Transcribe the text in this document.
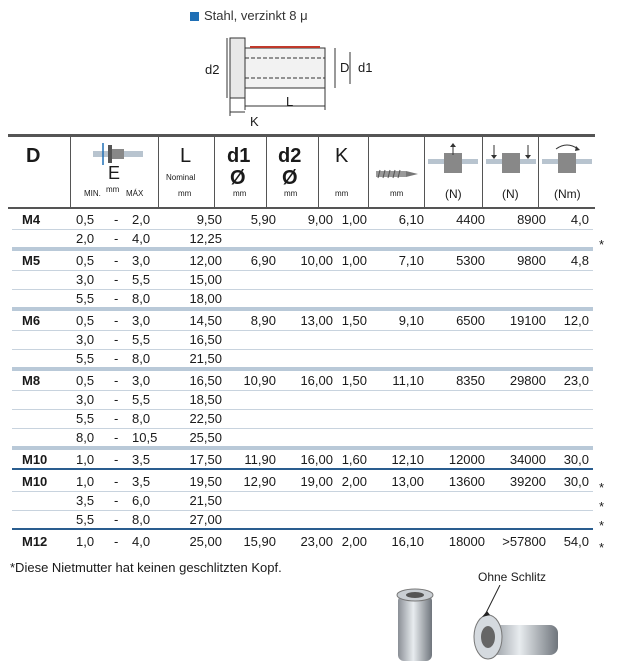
Stahl, verzinkt 8 μ
d2	D d1
L
K
D
E
MIN. mm MÁX
L
Nominal
mm
d1
Ø
mm
d2
Ø
mm
K
mm	mm	(N)	(N)	(Nm)
M4	0,5 - 2,0	9,50 5,90 9,00 1,00 6,10 4400 8900 4,0
2,0 - 4,0	12,25	*
M5	0,5 - 3,0	12,00 6,90 10,00 1,00 7,10 5300 9800 4,8
3,0 - 5,5	15,00
5,5 - 8,0	18,00
M6	0,5 - 3,0	14,50 8,90 13,00 1,50 9,10 6500 19100 12,0
3,0 - 5,5	16,50
5,5 - 8,0	21,50
M8	0,5 - 3,0	16,50 10,90 16,00 1,50 11,10 8350 29800 23,0
3,0 - 5,5	18,50
5,5 - 8,0	22,50
8,0 - 10,5 25,50
M10 1,0 - 3,5	17,50 11,90 16,00 1,60 12,10 12000 34000 30,0
M10 1,0 - 3,5	19,50 12,90 19,00 2,00 13,00 13600 39200 30,0 *
3,5 - 6,0	21,50	*
5,5 - 8,0	27,00	*
M12 1,0 - 4,0	25,00 15,90 23,00 2,00 16,10 18000 >57800 54,0 *
*Diese Nietmutter hat keinen geschlitzten Kopf.
Ohne Schlitz
